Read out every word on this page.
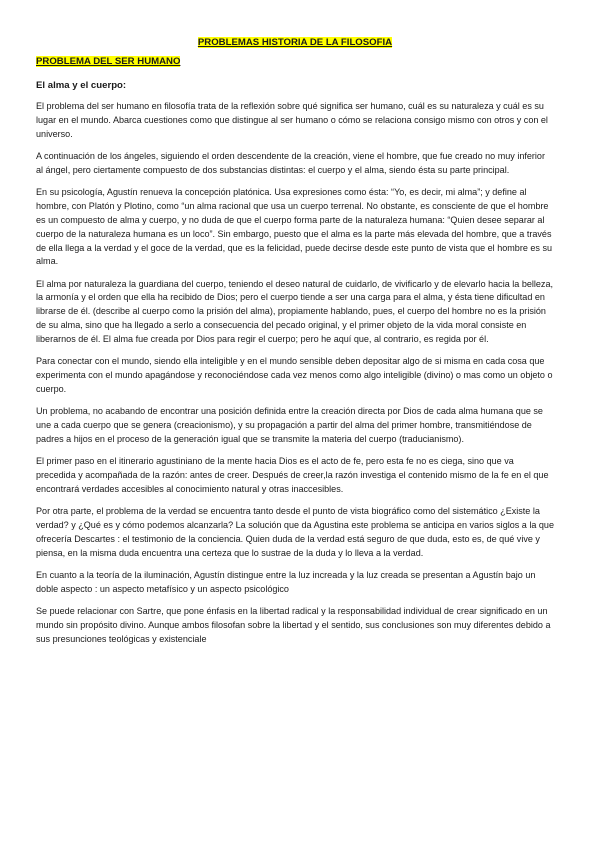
PROBLEMAS HISTORIA DE LA FILOSOFIA
PROBLEMA DEL SER HUMANO
El alma y el cuerpo:

El problema del ser humano en filosofía trata de la reflexión sobre qué significa ser humano, cuál es su naturaleza y cuál es su lugar en el mundo. Abarca cuestiones como que distingue al ser humano o cómo se relaciona consigo mismo con otros y con el universo.

A continuación de los ángeles, siguiendo el orden descendente de la creación, viene el hombre, que fue creado no muy inferior al ángel, pero ciertamente compuesto de dos substancias distintas: el cuerpo y el alma, siendo ésta su parte principal.

En su psicología, Agustín renueva la concepción platónica. Usa expresiones como ésta: “Yo, es decir, mi alma”; y define al hombre, con Platón y Plotino, como “un alma racional que usa un cuerpo terrenal. No obstante, es consciente de que el hombre es un compuesto de alma y cuerpo, y no duda de que el cuerpo forma parte de la naturaleza humana: “Quien desee separar al cuerpo de la naturaleza humana es un loco”. Sin embargo, puesto que el alma es la parte más elevada del hombre, que a través de ella llega a la verdad y el goce de la verdad, que es la felicidad, puede decirse desde este punto de vista que el hombre es su alma.

El alma por naturaleza la guardiana del cuerpo, teniendo el deseo natural de cuidarlo, de vivificarlo y de elevarlo hacia la belleza, la armonía y el orden que ella ha recibido de Dios; pero el cuerpo tiende a ser una carga para el alma, y ésta tiene dificultad en librarse de él. (describe al cuerpo como la prisión del alma), propiamente hablando, pues, el cuerpo del hombre no es la prisión de su alma, sino que ha llegado a serlo a consecuencia del pecado original, y el primer objeto de la vida moral consiste en liberarnos de él. El alma fue creada por Dios para regir el cuerpo; pero he aquí que, al contrario, es regida por él.

Para conectar con el mundo, siendo ella inteligible y en el mundo sensible deben depositar algo de si misma en cada cosa que experimenta con el mundo apagándose y reconociéndose cada vez menos como algo inteligible (divino) o mas como un objeto o cuerpo.

Un problema, no acabando de encontrar una posición definida entre la creación directa por Dios de cada alma humana que se une a cada cuerpo que se genera (creacionismo), y su propagación a partir del alma del primer hombre, transmitiéndose de padres a hijos en el proceso de la generación igual que se transmite la materia del cuerpo (traducianismo).

El primer paso en el itinerario agustiniano de la mente hacia Dios es el acto de fe, pero esta fe no es ciega, sino que va precedida y acompañada de la razón: antes de creer. Después de creer,la razón investiga el contenido mismo de la fe en el que encontrará verdades accesibles al conocimiento natural y otras inaccesibles.

Por otra parte, el problema de la verdad se encuentra tanto desde el punto de vista biográfico como del sistemático ¿Existe la verdad? y ¿Qué es y cómo podemos alcanzarla? La solución que da Agustina este problema se anticipa en varios siglos a la que ofrecería Descartes : el testimonio de la conciencia. Quien duda de la verdad está seguro de que duda, esto es, de qué vive y piensa, en la misma duda encuentra una certeza que lo sustrae de la duda y lo lleva a la verdad.

En cuanto a la teoría de la iluminación, Agustín distingue entre la luz increada y la luz creada se presentan a Agustín bajo un doble aspecto : un aspecto metafísico y un aspecto psicológico

Se puede relacionar con Sartre, que pone énfasis en la libertad radical y la responsabilidad individual de crear significado en un mundo sin propósito divino. Aunque ambos filosofan sobre la libertad y el sentido, sus conclusiones son muy diferentes debido a sus presunciones teológicas y existenciale
